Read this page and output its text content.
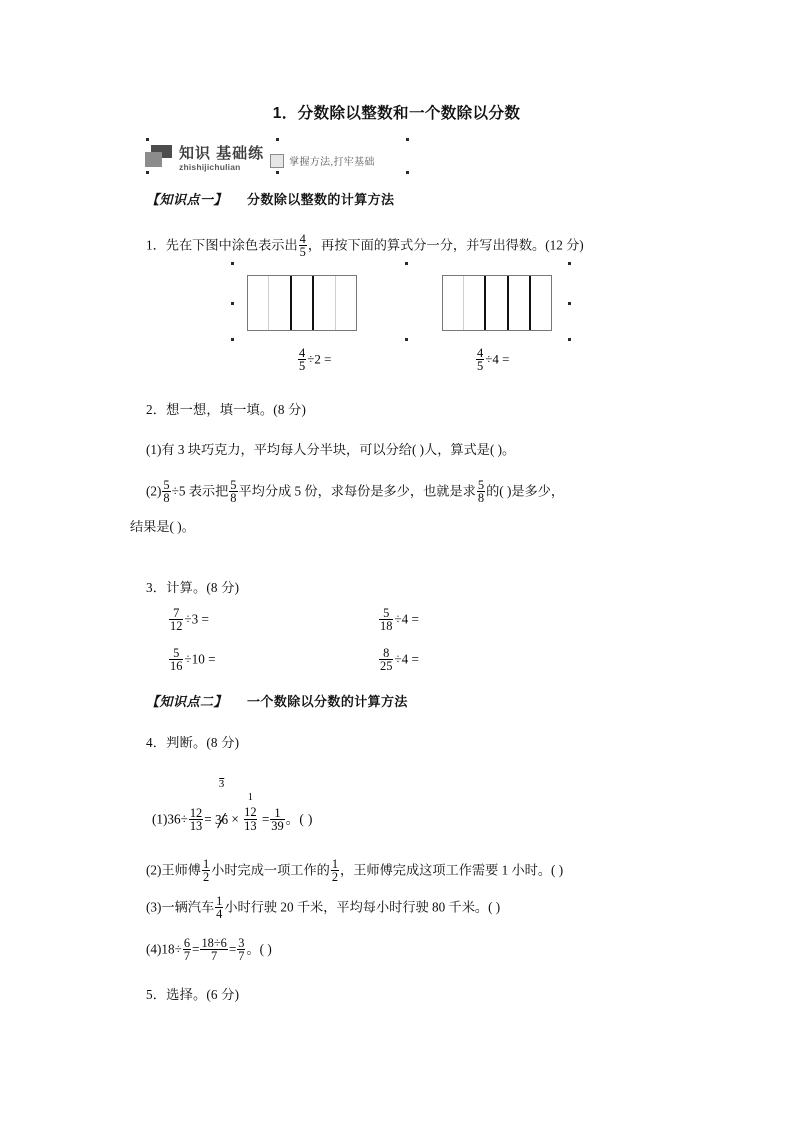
1．分数除以整数和一个数除以分数
知识 基础练
zhishijichulian	掌握方法,打牢基础
【知识点一】 分数除以整数的计算方法
1．先在下图中涂色表示出 $\frac{4}{5}$ ，再按下面的算式分一分，并写出得数。(12 分)
$\frac{4}{5} \div 2$ =	$\frac{4}{5} \div 4$ =
2．想一想，填一填。(8 分)
(1)有 3 块巧克力，平均每人分半块，可以分给( )人，算式是( )。
$(2) \frac{5}{8} \div 5$ 表示把 $\frac{5}{8}$ 平均分成 5 份，求每份是多少，也就是求 $\frac{5}{8}$ 的( )是多少，
结果是( )。
3．计算。(8 分)
$\frac{7}{12} \div 3$ =	$\frac{5}{18} \div 4$ =
$\frac{5}{16} \div 10$ =	$\frac{8}{25} \div 4$ =
【知识点二】 一个数除以分数的计算方法
4．判断。(8 分)
$(1)36\div \frac{12}{13}$ =
3
36 ×
1
12
$13 = \frac{1}{39}$ 。( )
(2)王师傅 $\frac{1}{2}$ 小时完成一项工作的 $\frac{1}{2}$ ，王师傅完成这项工作需要 1 小时。( )
(3)一辆汽车 $\frac{1}{4}$ 小时行驶 20 千米，平均每小时行驶 80 千米。( )
$(4)18\div \frac{6}{7} = \frac{18\div 6}{7} = \frac{3}{7}$ 。( )
5．选择。(6 分)
